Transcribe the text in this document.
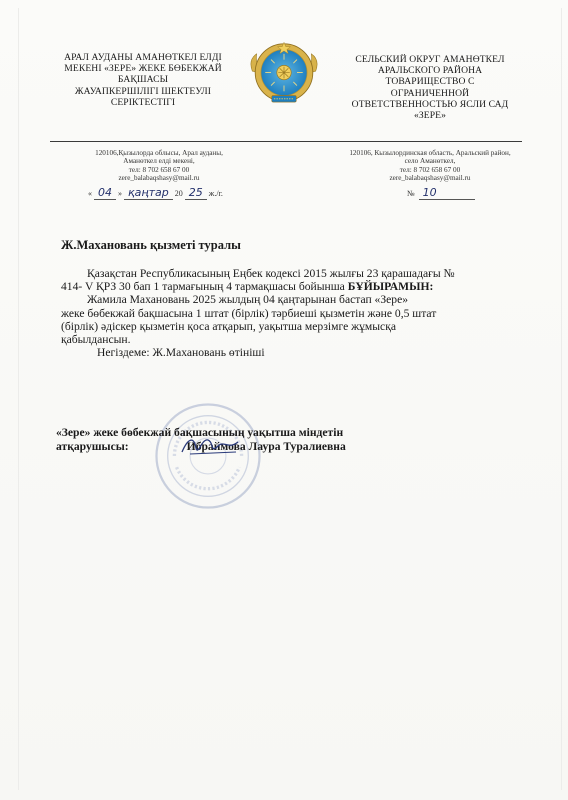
АРАЛ АУДАНЫ АМАНӨТКЕЛ ЕЛДІ
МЕКЕНІ «ЗЕРЕ» ЖЕКЕ БӨБЕКЖАЙ
БАҚШАСЫ
ЖАУАПКЕРШІЛІГІ ШЕКТЕУЛІ
СЕРІКТЕСТІГІ
СЕЛЬСКИЙ ОКРУГ АМАНӨТКЕЛ
АРАЛЬСКОГО РАЙОНА
ТОВАРИЩЕСТВО С
ОГРАНИЧЕННОЙ
ОТВЕТСТВЕННОСТЬЮ ЯСЛИ САД
«ЗЕРЕ»
120106,Қызылорда облысы, Арал ауданы,
Аманөткел елдi мекенi,
тел: 8 702 658 67 00
zere_balabaqshasy@mail.ru
120106, Кызылординская область, Аральский район,
село Аманөткел,
тел: 8 702 658 67 00
zere_balabaqshasy@mail.ru
« 04 » қаңтар 20 25 ж./г.	№ 10
Ж.Махановань қызметі туралы

Қазақстан Республикасының Еңбек кодексі 2015 жылғы 23 қарашадағы №

414- V ҚРЗ 30 бап 1 тармағының 4 тармақшасы бойынша БҰЙЫРАМЫН:

Жамила Махановань 2025 жылдың 04 қаңтарынан бастап «Зере»

жеке бөбекжай бақшасына 1 штат (бірлік) тәрбиеші қызметін және 0,5 штат

(бірлік) әдіскер қызметін қоса атқарып, уақытша мерзімге жұмысқа

қабылдансын.

Негіздеме: Ж.Махановань өтініші

«Зере» жеке бөбекжай бақшасының уақытша міндетін
атқарушысы:	Ибраймова Лаура Туралиевна
